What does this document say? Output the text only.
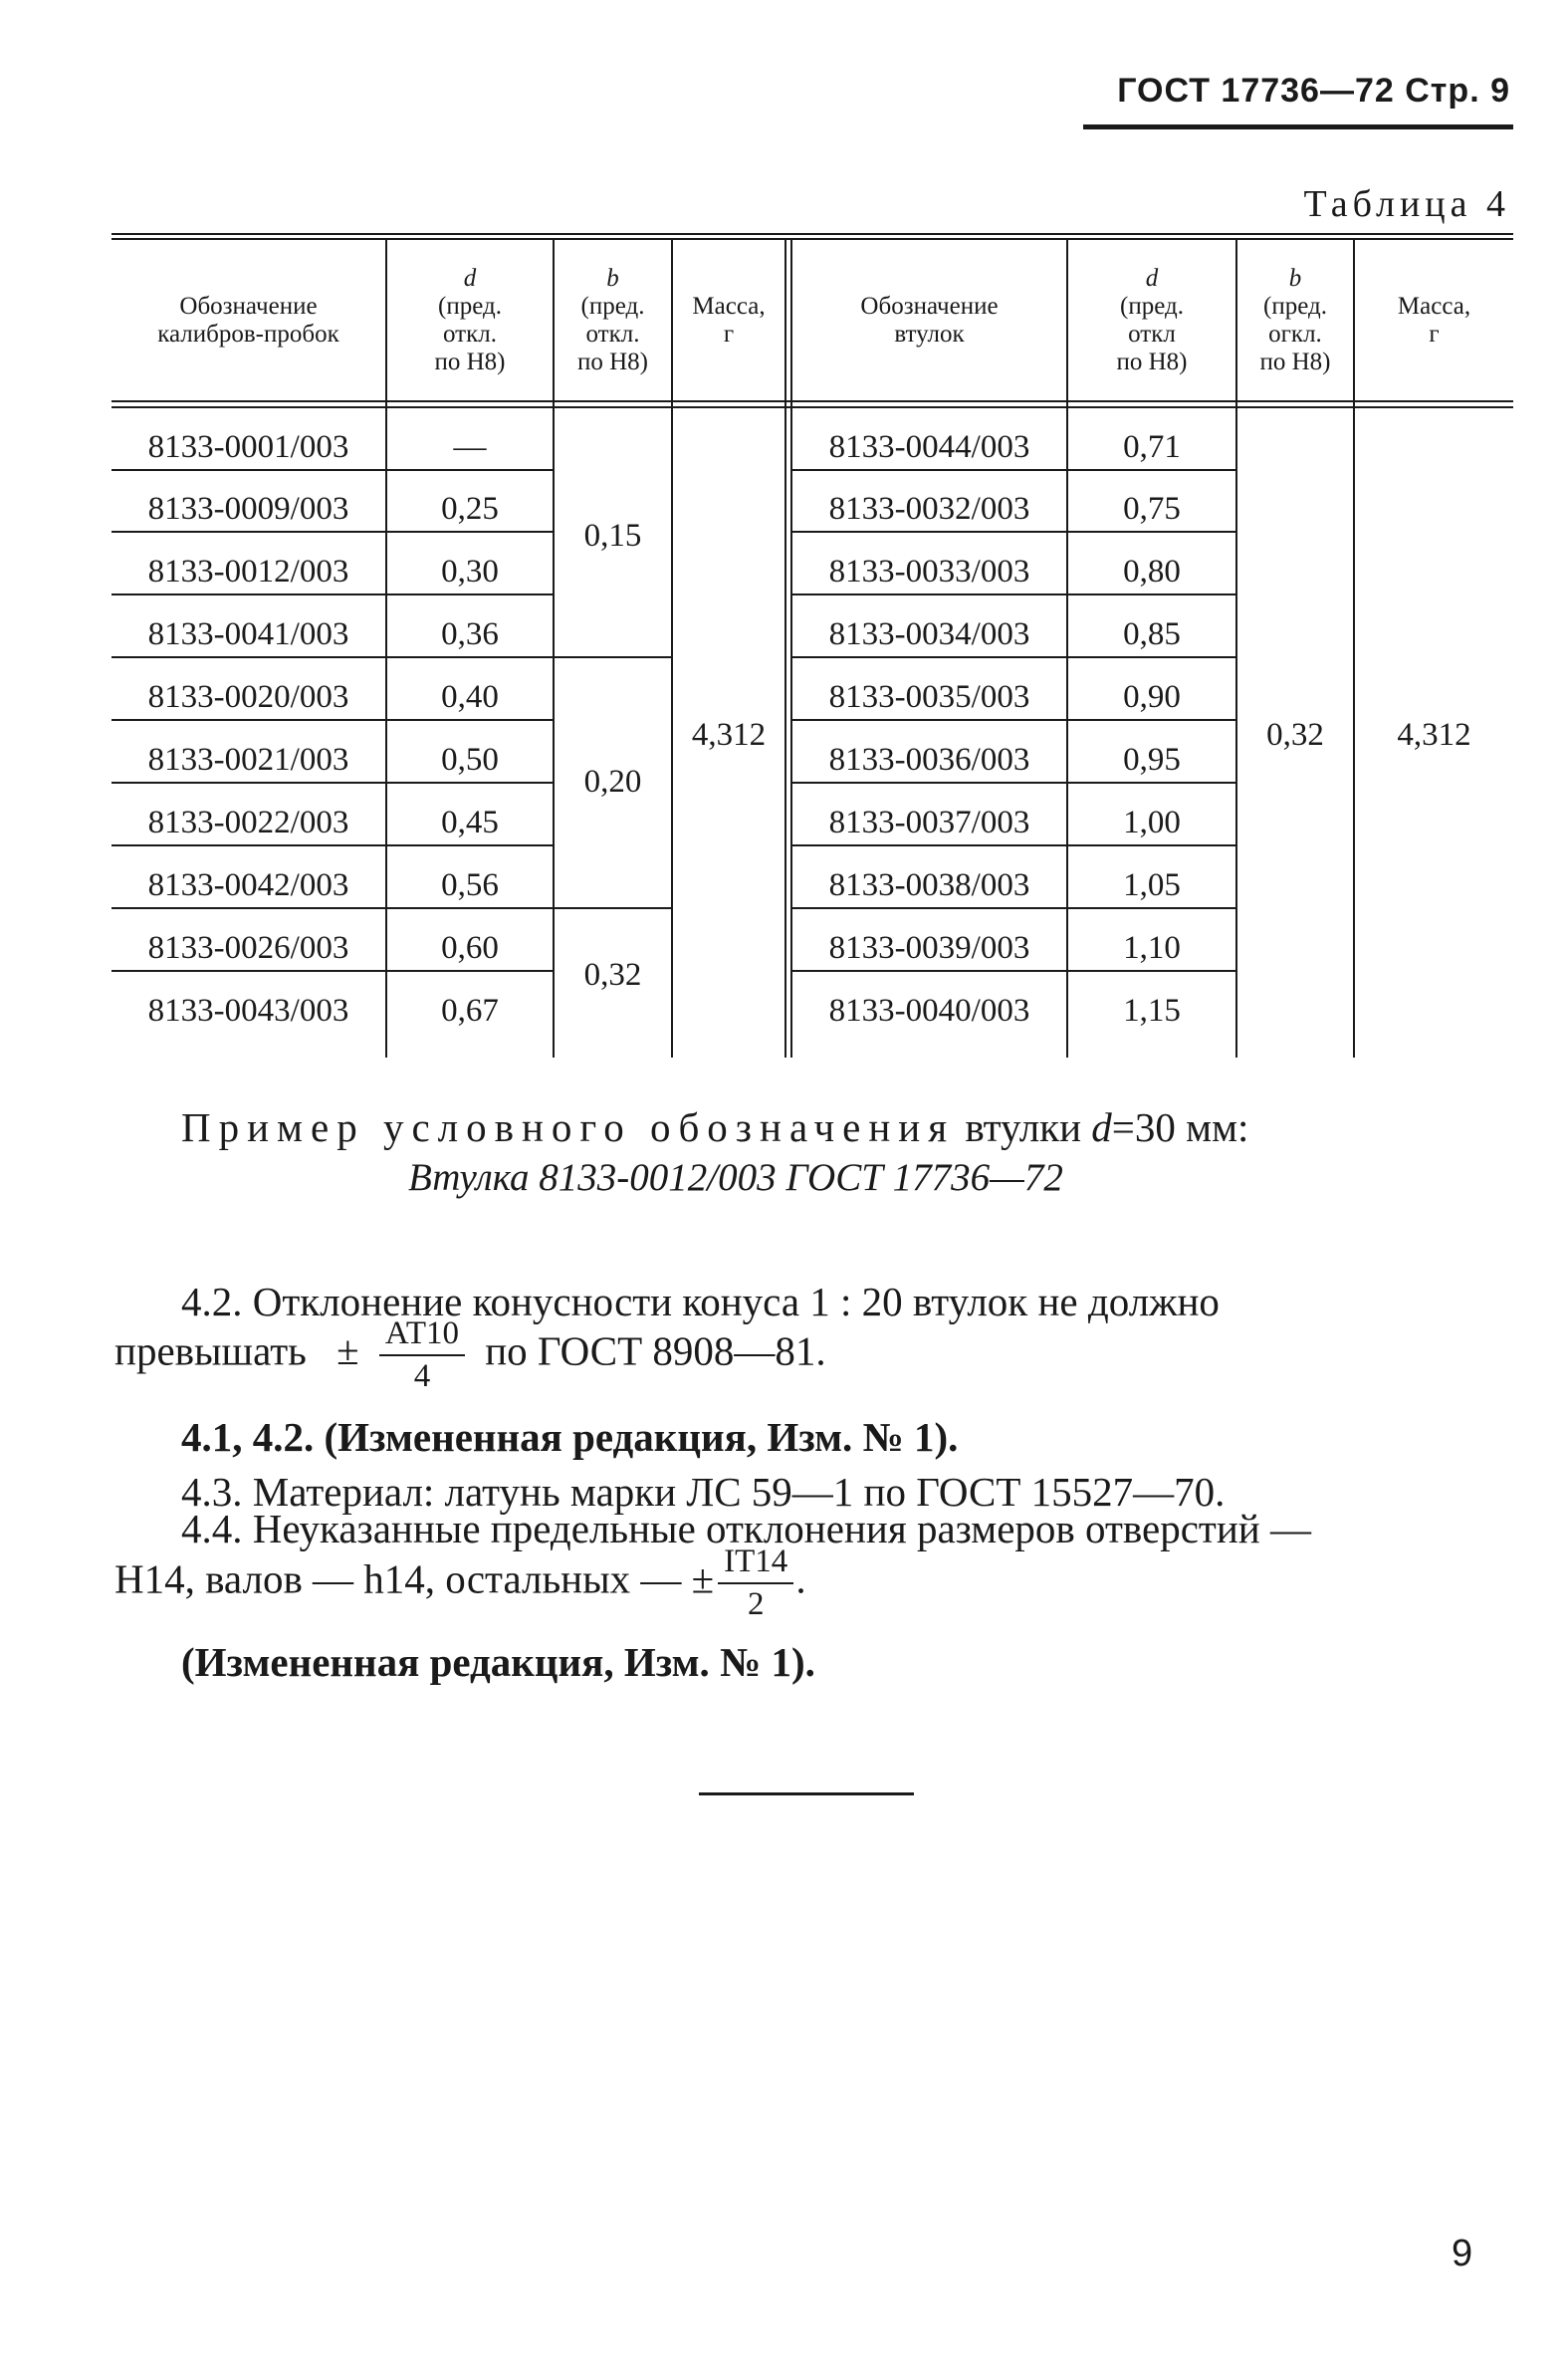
ГОСТ 17736—72 Стр. 9
Таблица 4
Обозначение
калибров-пробок
d
(пред.
откл.
по Н8)
b
(пред.
откл.
по Н8)
Масса,
г
Обозначение
втулок
d
(пред.
откл
по Н8)
b
(пред.
огкл.
по Н8)
Масса,
г
8133-0001/003
8133-0009/003
8133-0012/003
8133-0041/003
8133-0020/003
8133-0021/003
8133-0022/003
8133-0042/003
8133-0026/003
8133-0043/003
—
0,25
0,30
0,36
0,40
0,50
0,45
0,56
0,60
0,67
0,15
0,20
0,32
4,312
8133-0044/003
8133-0032/003
8133-0033/003
8133-0034/003
8133-0035/003
8133-0036/003
8133-0037/003
8133-0038/003
8133-0039/003
8133-0040/003
0,71
0,75
0,80
0,85
0,90
0,95
1,00
1,05
1,10
1,15
0,32	4,312
Пример условного обозначения втулки d=30 мм:
Втулка 8133-0012/003 ГОСТ 17736—72
4.2. Отклонение конусности конуса 1 : 20 втулок не должно
превышать ± $\frac{АТ10}{4}$ по ГОСТ 8908—81.
4.1, 4.2. (Измененная редакция, Изм. № 1).
4.3. Материал: латунь марки ЛС 59—1 по ГОСТ 15527—70.
4.4. Неуказанные предельные отклонения размеров отверстий —
Н14, валов — h14, остальных — ± $\frac{IT14}{2}$ .
(Измененная редакция, Изм. № 1).
9
